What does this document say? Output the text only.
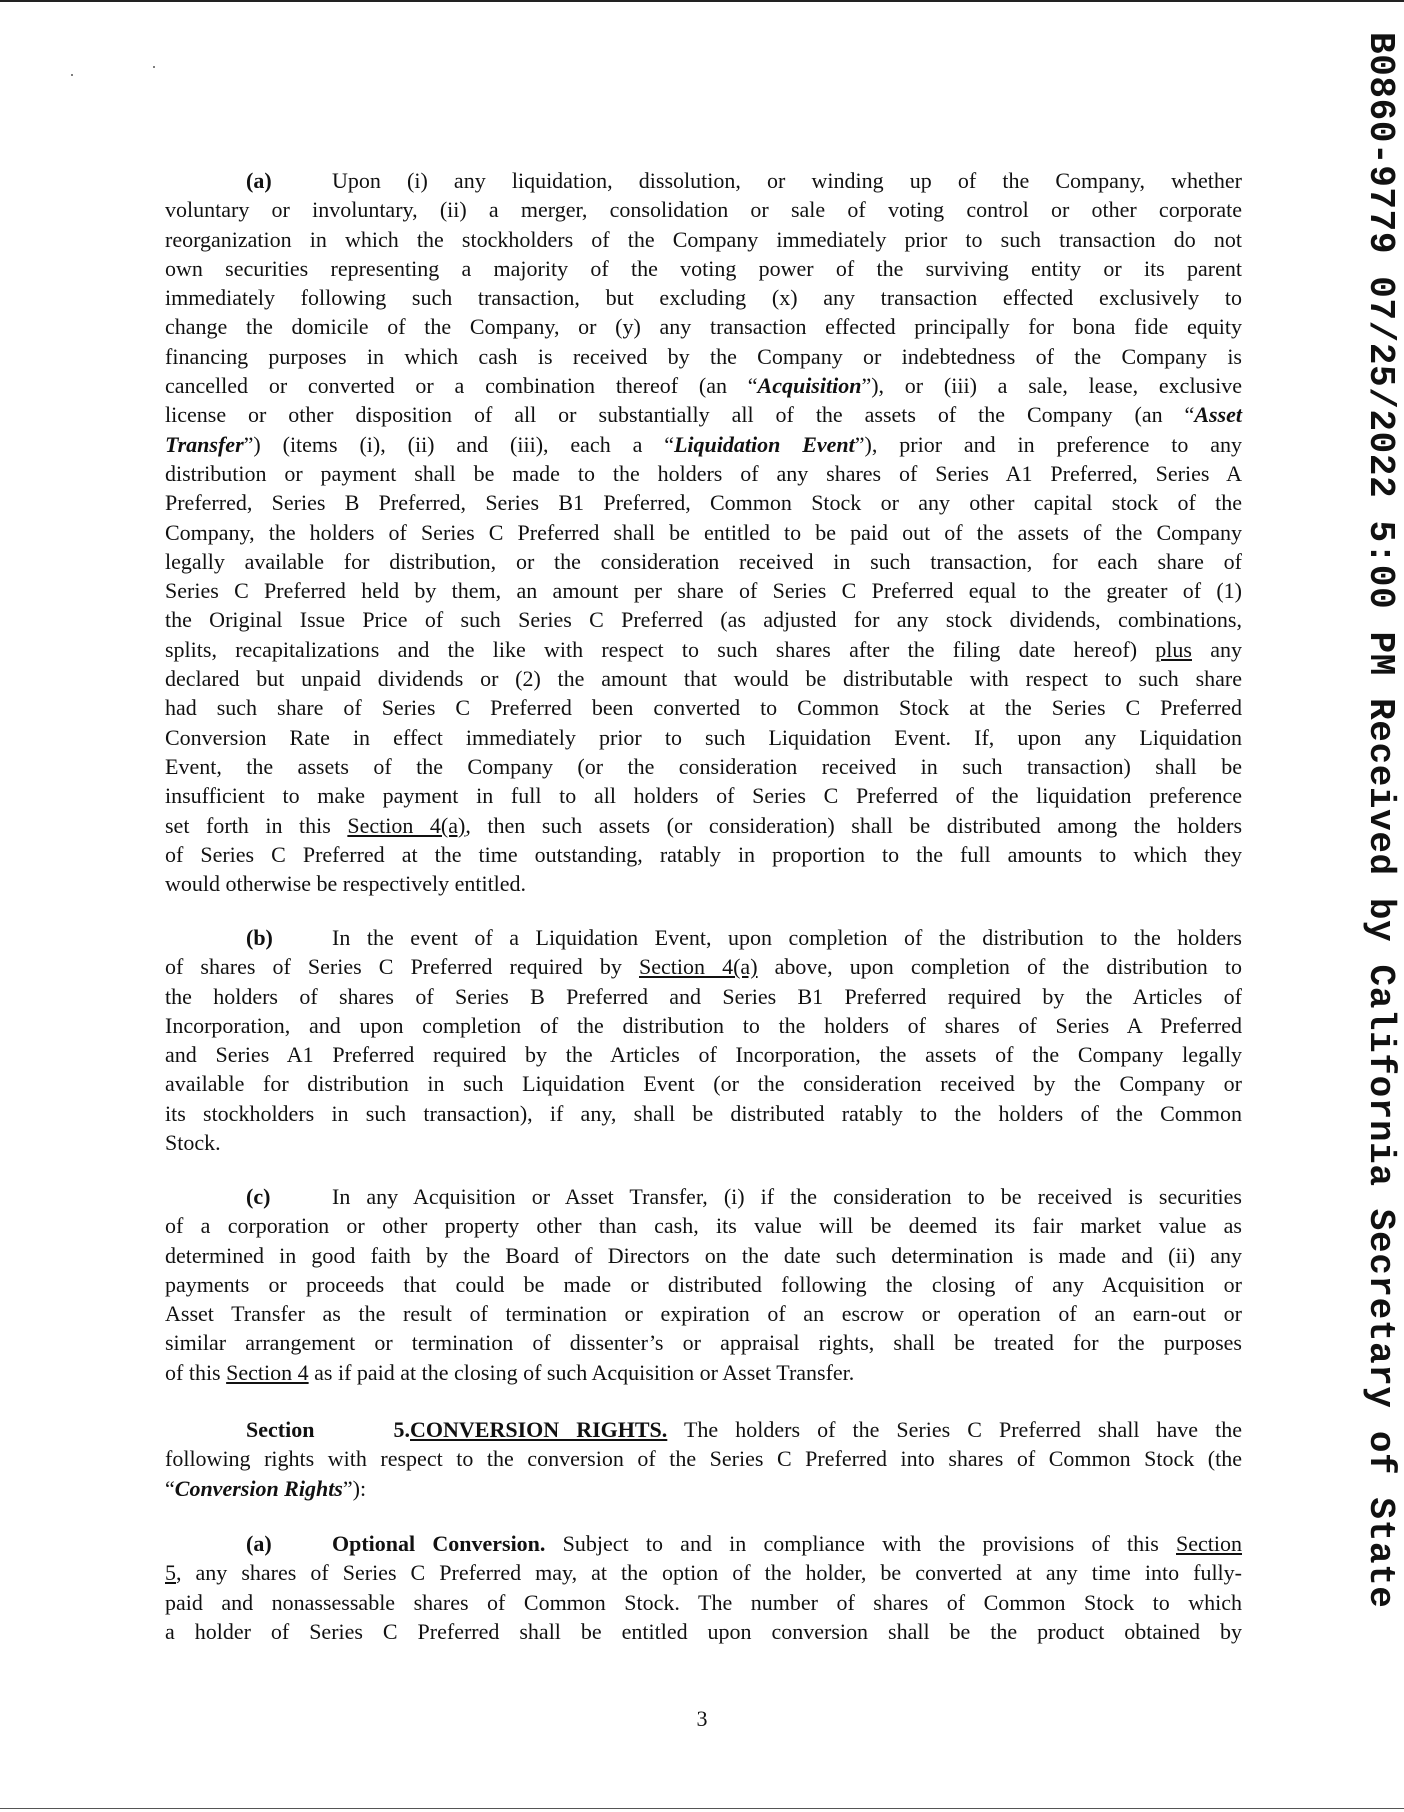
B0860-9779 07/25/2022 5:00 PM Received by California Secretary of State
(a)	Upon (i) any liquidation, dissolution, or winding up of the Company, whether
voluntary or involuntary, (ii) a merger, consolidation or sale of voting control or other corporate
reorganization in which the stockholders of the Company immediately prior to such transaction do not
own securities representing a majority of the voting power of the surviving entity or its parent
immediately following such transaction, but excluding (x) any transaction effected exclusively to
change the domicile of the Company, or (y) any transaction effected principally for bona fide equity
financing purposes in which cash is received by the Company or indebtedness of the Company is
cancelled or converted or a combination thereof (an “Acquisition”), or (iii) a sale, lease, exclusive
license or other disposition of all or substantially all of the assets of the Company (an “Asset
Transfer”) (items (i), (ii) and (iii), each a “Liquidation Event”), prior and in preference to any
distribution or payment shall be made to the holders of any shares of Series A1 Preferred, Series A
Preferred, Series B Preferred, Series B1 Preferred, Common Stock or any other capital stock of the
Company, the holders of Series C Preferred shall be entitled to be paid out of the assets of the Company
legally available for distribution, or the consideration received in such transaction, for each share of
Series C Preferred held by them, an amount per share of Series C Preferred equal to the greater of (1)
the Original Issue Price of such Series C Preferred (as adjusted for any stock dividends, combinations,
splits, recapitalizations and the like with respect to such shares after the filing date hereof) plus any
declared but unpaid dividends or (2) the amount that would be distributable with respect to such share
had such share of Series C Preferred been converted to Common Stock at the Series C Preferred
Conversion Rate in effect immediately prior to such Liquidation Event. If, upon any Liquidation
Event, the assets of the Company (or the consideration received in such transaction) shall be
insufficient to make payment in full to all holders of Series C Preferred of the liquidation preference
set forth in this Section 4(a), then such assets (or consideration) shall be distributed among the holders
of Series C Preferred at the time outstanding, ratably in proportion to the full amounts to which they
would otherwise be respectively entitled.
(b)	In the event of a Liquidation Event, upon completion of the distribution to the holders
of shares of Series C Preferred required by Section 4(a) above, upon completion of the distribution to
the holders of shares of Series B Preferred and Series B1 Preferred required by the Articles of
Incorporation, and upon completion of the distribution to the holders of shares of Series A Preferred
and Series A1 Preferred required by the Articles of Incorporation, the assets of the Company legally
available for distribution in such Liquidation Event (or the consideration received by the Company or
its stockholders in such transaction), if any, shall be distributed ratably to the holders of the Common
Stock.
(c)	In any Acquisition or Asset Transfer, (i) if the consideration to be received is securities
of a corporation or other property other than cash, its value will be deemed its fair market value as
determined in good faith by the Board of Directors on the date such determination is made and (ii) any
payments or proceeds that could be made or distributed following the closing of any Acquisition or
Asset Transfer as the result of termination or expiration of an escrow or operation of an earn-out or
similar arrangement or termination of dissenter’s or appraisal rights, shall be treated for the purposes
of this Section 4 as if paid at the closing of such Acquisition or Asset Transfer.
Section 5.CONVERSION RIGHTS. The holders of the Series C Preferred shall have the
following rights with respect to the conversion of the Series C Preferred into shares of Common Stock (the
“Conversion Rights”):
(a)	Optional Conversion. Subject to and in compliance with the provisions of this Section
5, any shares of Series C Preferred may, at the option of the holder, be converted at any time into fully-
paid and nonassessable shares of Common Stock. The number of shares of Common Stock to which
a holder of Series C Preferred shall be entitled upon conversion shall be the product obtained by
3
